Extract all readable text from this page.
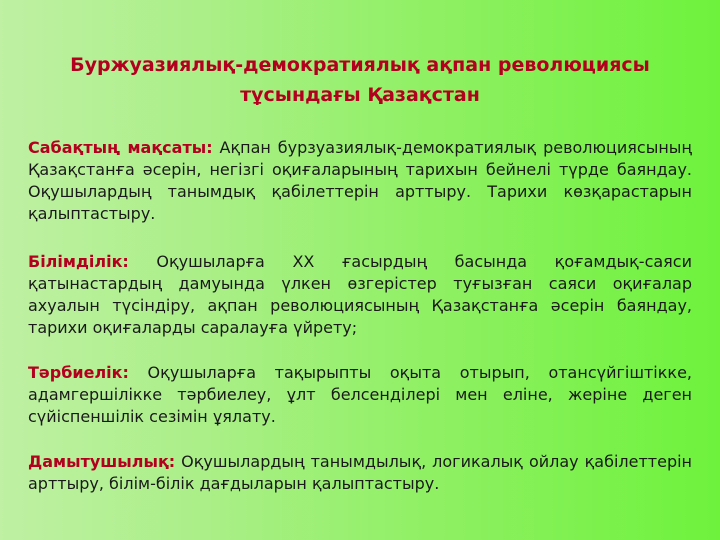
Буржуазиялық-демократиялық ақпан революциясы
тұсындағы Қазақстан

Сабақтың мақсаты: Ақпан бурзуазиялық-демократиялық революциясының Қазақстанға әсерін, негізгі оқиғаларының тарихын бейнелі түрде баяндау. Оқушылардың танымдық қабілеттерін арттыру. Тарихи көзқарастарын қалыптастыру.

Білімділік: Оқушыларға ХХ ғасырдың басында қоғамдық-саяси қатынастардың дамуында үлкен өзгерістер туғызған саяси оқиғалар ахуалын түсіндіру, ақпан революциясының Қазақстанға әсерін баяндау, тарихи оқиғаларды саралауға үйрету;

Тәрбиелік: Оқушыларға тақырыпты оқыта отырып, отансүйгіштікке, адамгершілікке тәрбиелеу, ұлт белсенділері мен еліне, жеріне деген сүйіспеншілік сезімін ұялату.

Дамытушылық: Оқушылардың танымдылық, логикалық ойлау қабілеттерін арттыру, білім-білік дағдыларын қалыптастыру.
